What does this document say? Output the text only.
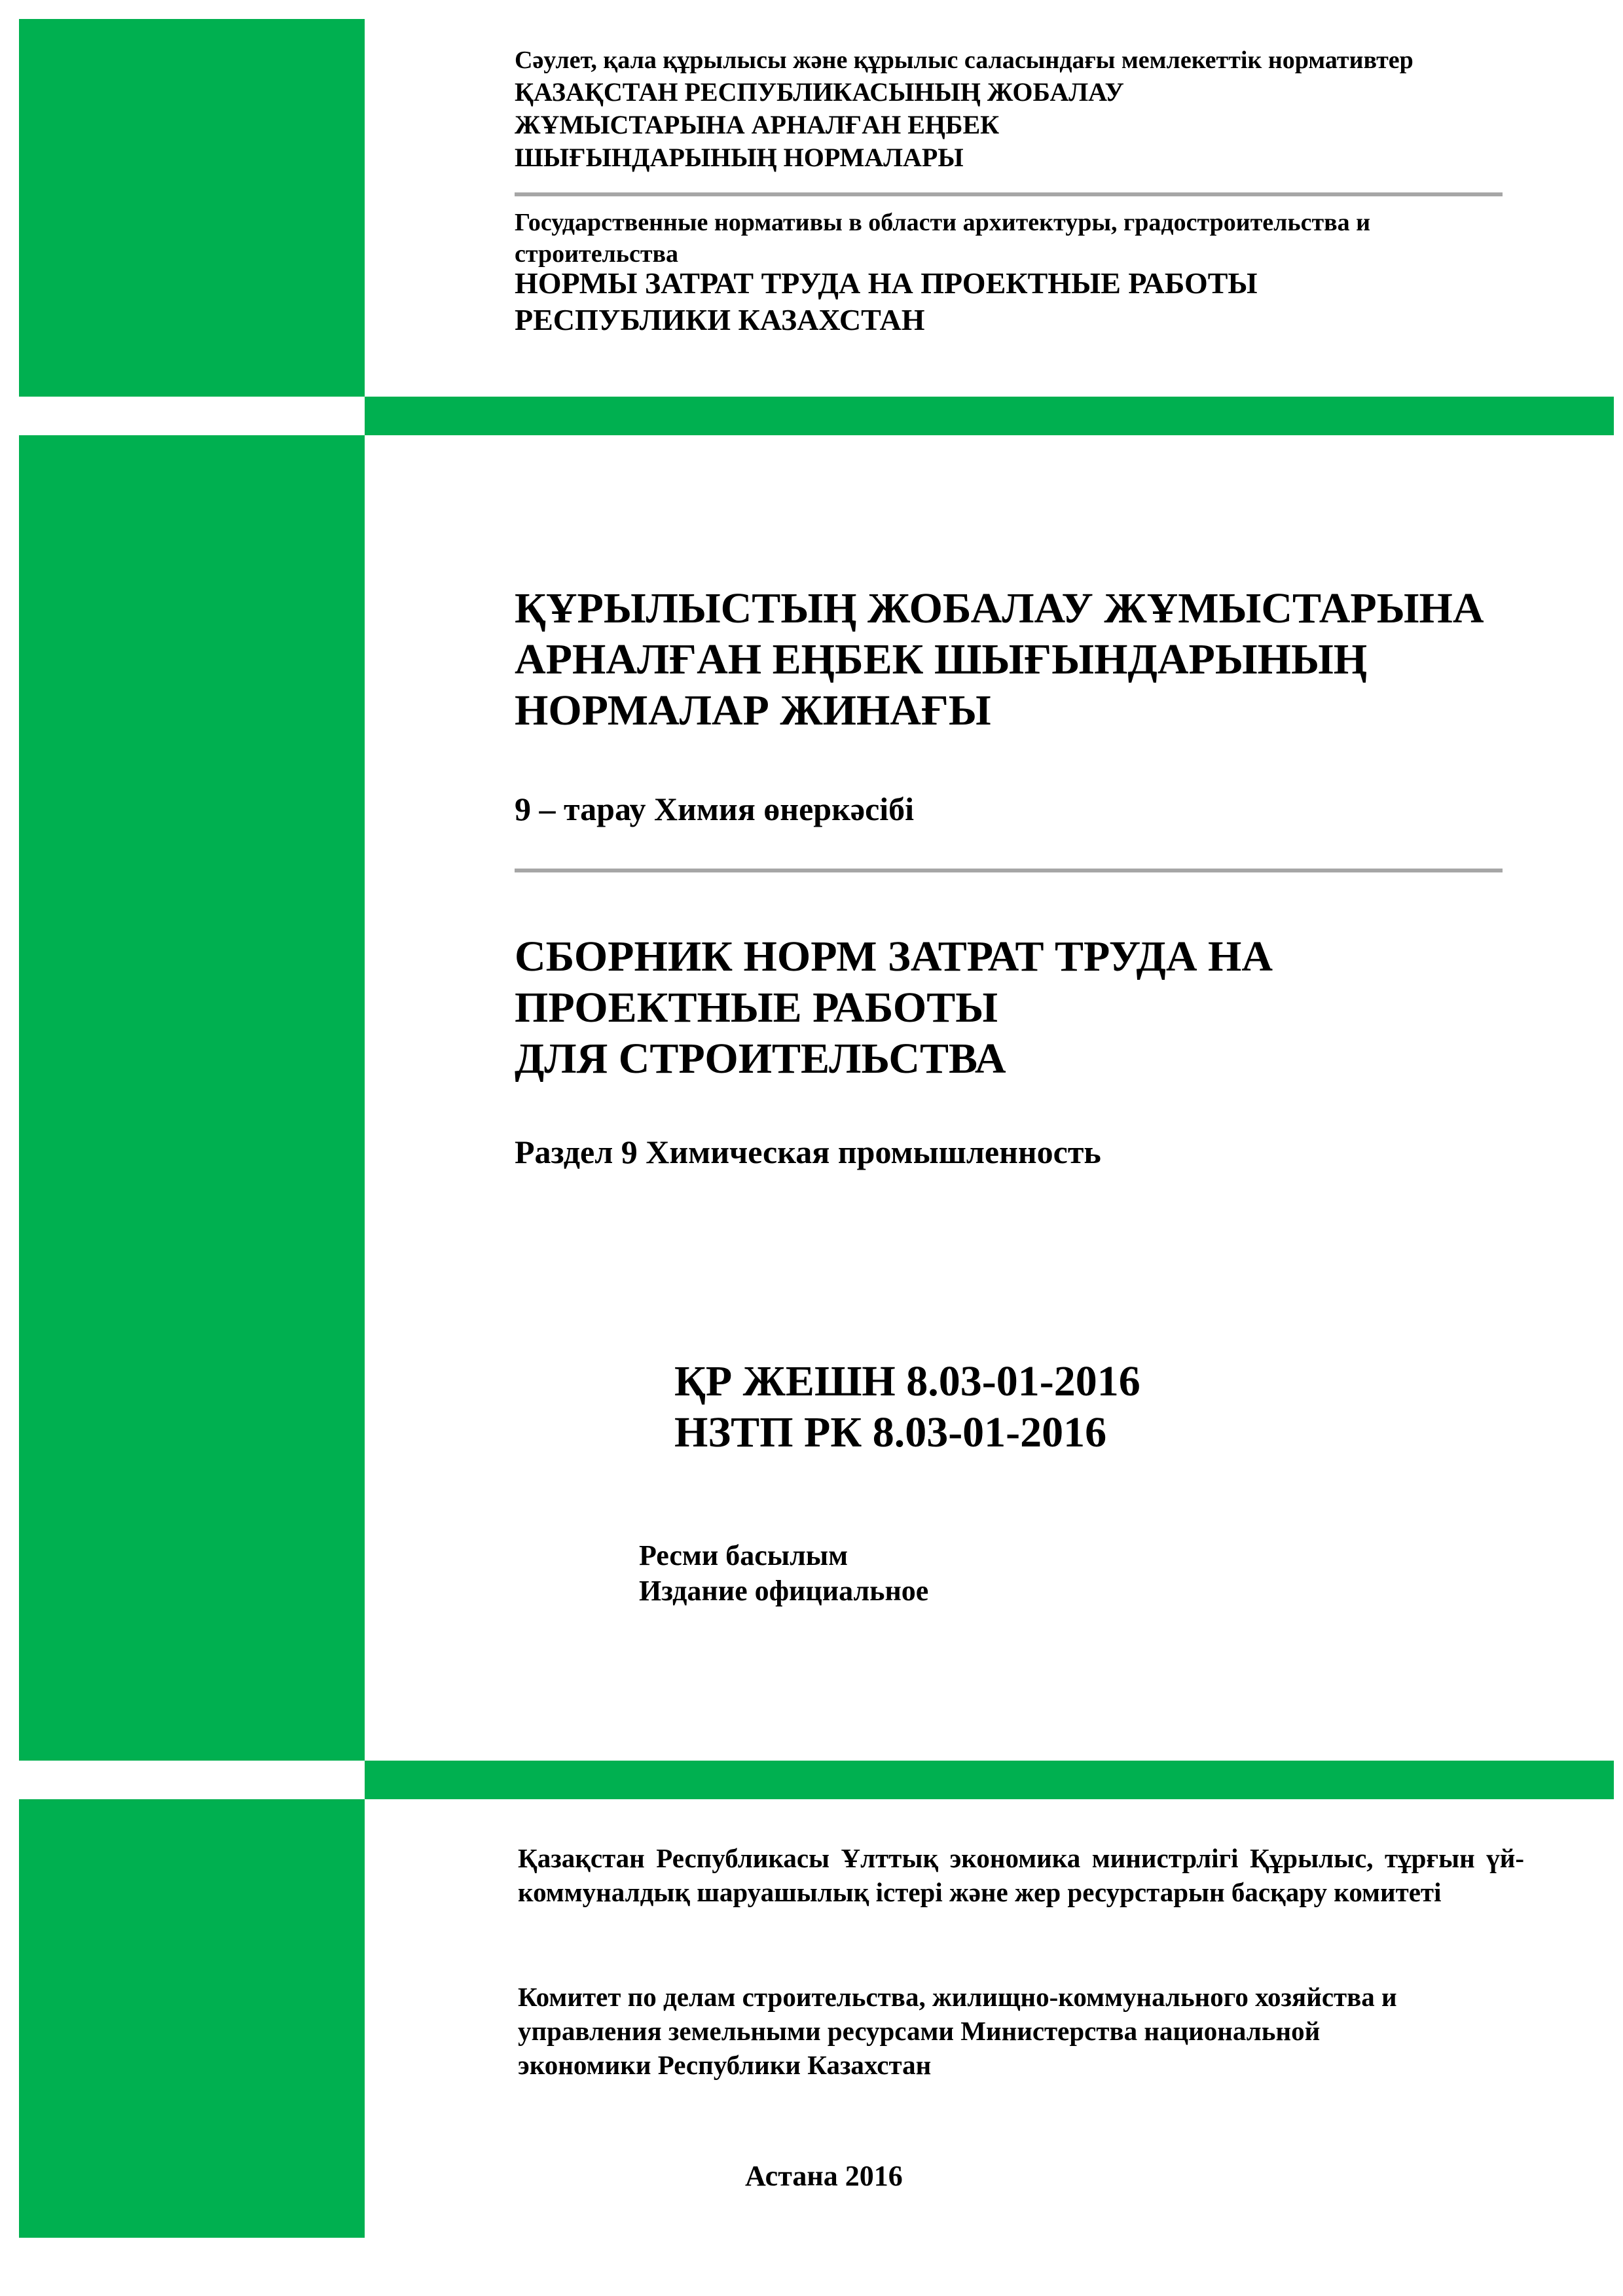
Сәулет, қала құрылысы және құрылыс саласындағы мемлекеттік нормативтер

ҚАЗАҚСТАН РЕСПУБЛИКАСЫНЫҢ ЖОБАЛАУ
ЖҰМЫСТАРЫНА АРНАЛҒАН ЕҢБЕК
ШЫҒЫНДАРЫНЫҢ НОРМАЛАРЫ
Государственные нормативы в области архитектуры, градостроительства и
строительства
НОРМЫ ЗАТРАТ ТРУДА НА ПРОЕКТНЫЕ РАБОТЫ
РЕСПУБЛИКИ КАЗАХСТАН
ҚҰРЫЛЫСТЫҢ ЖОБАЛАУ ЖҰМЫСТАРЫНА
АРНАЛҒАН ЕҢБЕК ШЫҒЫНДАРЫНЫҢ
НОРМАЛАР ЖИНАҒЫ

9 – тарау Химия өнеркәсібі

СБОРНИК НОРМ ЗАТРАТ ТРУДА НА
ПРОЕКТНЫЕ РАБОТЫ
ДЛЯ СТРОИТЕЛЬСТВА

Раздел 9 Химическая промышленность

ҚР ЖЕШН 8.03-01-2016
НЗТП РК 8.03-01-2016
Ресми басылым
Издание официальное

Қазақстан Республикасы Ұлттық экономика министрлігі Құрылыс, тұрғын үй-коммуналдық шаруашылық істері және жер ресурстарын басқару комитеті

Комитет по делам строительства, жилищно-коммунального хозяйства и
управления земельными ресурсами Министерства национальной
экономики Республики Казахстан

Астана 2016
